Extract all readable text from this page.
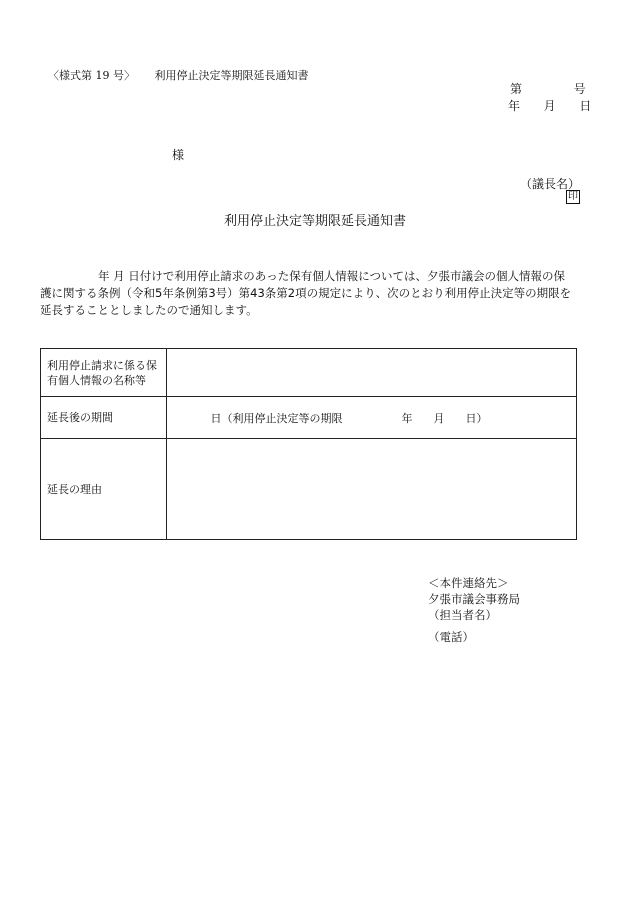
〈様式第 19 号〉 利用停止決定等期限延長通知書
第	号
年 月 日
様
（議長名）
印
利用停止決定等期限延長通知書

年 月 日付けで利用停止請求のあった保有個人情報については、夕張市議会の個人情報の保

護に関する条例（令和5年条例第3号）第43条第2項の規定により、次のとおり利用停止決定等の期限を

延長することとしましたので通知します。

利用停止請求に係る保有個人情報の名称等	
延長後の期間	日（利用停止決定等の期限 年 月 日）
延長の理由	
＜本件連絡先＞
夕張市議会事務局
（担当者名）
（電話）
